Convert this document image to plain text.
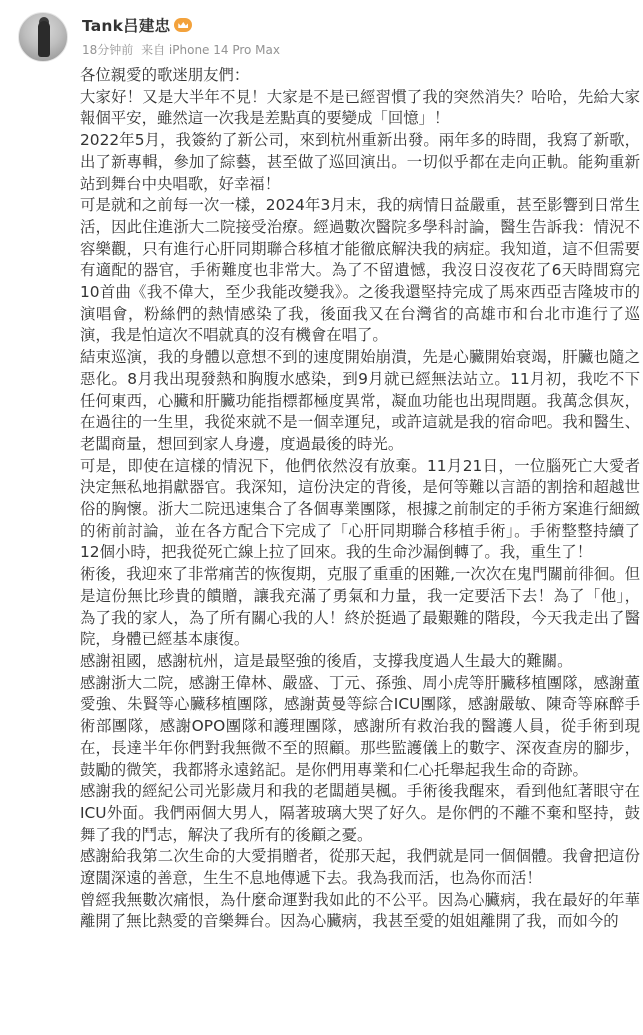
Tank吕建忠
18分钟前 来自 iPhone 14 Pro Max

各位親愛的歌迷朋友們：

大家好！又是大半年不見！大家是不是已經習慣了我的突然消失？哈哈，先給大家報個平安，雖然這一次我是差點真的要變成「回憶」！

2022年5月，我簽約了新公司，來到杭州重新出發。兩年多的時間，我寫了新歌，出了新專輯，參加了綜藝，甚至做了巡回演出。一切似乎都在走向正軌。能夠重新站到舞台中央唱歌，好幸福！

可是就和之前每一次一樣，2024年3月末，我的病情日益嚴重，甚至影響到日常生活，因此住進浙大二院接受治療。經過數次醫院多學科討論，醫生告訴我：情況不容樂觀，只有進行心肝同期聯合移植才能徹底解決我的病症。我知道，這不但需要有適配的器官，手術難度也非常大。為了不留遺憾，我沒日沒夜花了6天時間寫完10首曲《我不偉大，至少我能改變我》。之後我還堅持完成了馬來西亞吉隆坡市的演唱會，粉絲們的熱情感染了我，後面我又在台灣省的高雄市和台北市進行了巡演，我是怕這次不唱就真的沒有機會在唱了。

結束巡演，我的身體以意想不到的速度開始崩潰，先是心臟開始衰竭，肝臟也隨之惡化。8月我出現發熱和胸腹水感染，到9月就已經無法站立。11月初，我吃不下任何東西，心臟和肝臟功能指標都極度異常，凝血功能也出現問題。我萬念俱灰，在過往的一生里，我從來就不是一個幸運兒，或許這就是我的宿命吧。我和醫生、老闆商量，想回到家人身邊，度過最後的時光。

可是，即使在這樣的情況下，他們依然沒有放棄。11月21日，一位腦死亡大愛者決定無私地捐獻器官。我深知，這份決定的背後，是何等難以言語的割捨和超越世俗的胸懷。浙大二院迅速集合了各個專業團隊，根據之前制定的手術方案進行細緻的術前討論，並在各方配合下完成了「心肝同期聯合移植手術」。手術整整持續了12個小時，把我從死亡線上拉了回來。我的生命沙漏倒轉了。我，重生了！

術後，我迎來了非常痛苦的恢復期，克服了重重的困難,一次次在鬼門關前徘徊。但是這份無比珍貴的饋贈，讓我充滿了勇氣和力量，我一定要活下去！為了「他」，為了我的家人，為了所有關心我的人！終於挺過了最艱難的階段，今天我走出了醫院，身體已經基本康復。

感謝祖國，感謝杭州，這是最堅強的後盾，支撐我度過人生最大的難關。

感謝浙大二院，感謝王偉林、嚴盛、丁元、孫強、周小虎等肝臟移植團隊，感謝董愛強、朱賢等心臟移植團隊，感謝黃曼等綜合ICU團隊，感謝嚴敏、陳奇等麻醉手術部團隊，感謝OPO團隊和護理團隊，感謝所有救治我的醫護人員，從手術到現在，長達半年你們對我無微不至的照顧。那些監護儀上的數字、深夜查房的腳步，鼓勵的微笑，我都將永遠銘記。是你們用專業和仁心托舉起我生命的奇跡。

感謝我的經紀公司光影歲月和我的老闆趙昊楓。手術後我醒來，看到他紅著眼守在ICU外面。我們兩個大男人，隔著玻璃大哭了好久。是你們的不離不棄和堅持，鼓舞了我的鬥志，解決了我所有的後顧之憂。

感謝給我第二次生命的大愛捐贈者，從那天起，我們就是同一個個體。我會把這份遼闊深遠的善意，生生不息地傳遞下去。我為我而活，也為你而活！

曾經我無數次痛恨，為什麼命運對我如此的不公平。因為心臟病，我在最好的年華離開了無比熱愛的音樂舞台。因為心臟病，我甚至愛的姐姐離開了我，而如今的
